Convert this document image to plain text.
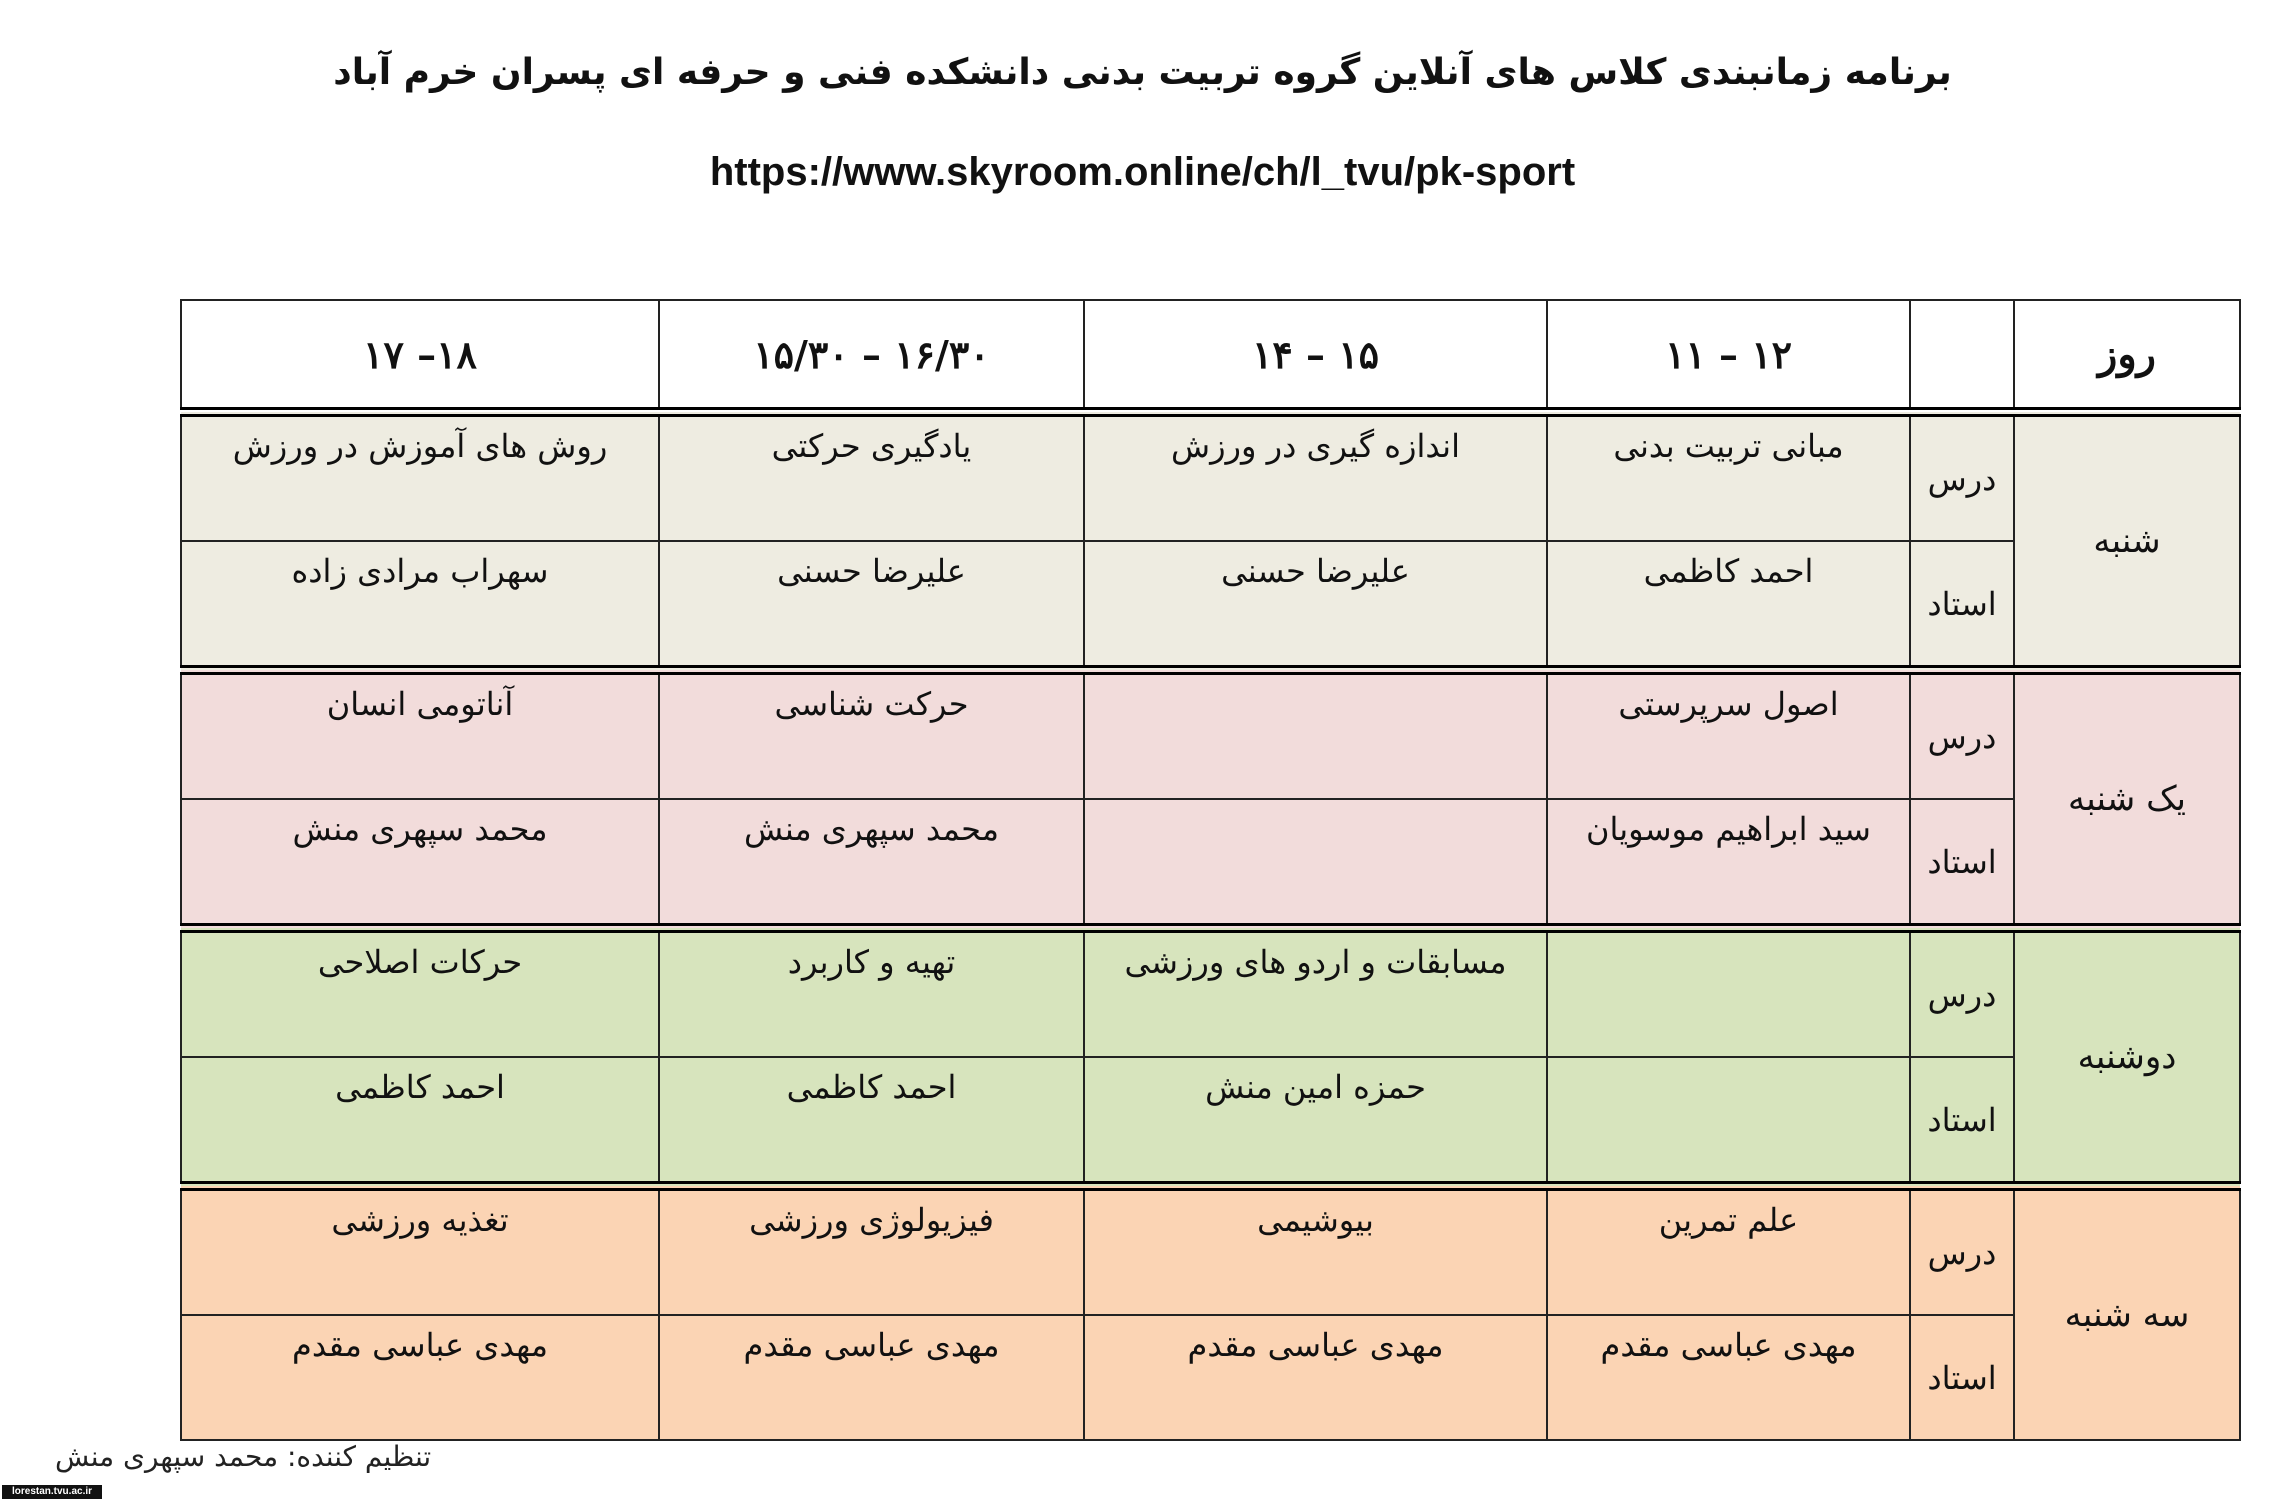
برنامه زمانبندی کلاس های آنلاین گروه تربیت بدنی دانشکده فنی و حرفه ای پسران خرم آباد
https://www.skyroom.online/ch/l_tvu/pk-sport
روز		۱۲ – ۱۱	۱۵ – ۱۴	۱۶/۳۰ – ۱۵/۳۰	۱۸– ۱۷
شنبه	درس	مبانی تربیت بدنی	اندازه گیری در ورزش	یادگیری حرکتی	روش های آموزش در ورزش
	استاد	احمد کاظمی	علیرضا حسنی	علیرضا حسنی	سهراب مرادی زاده
یک شنبه	درس	اصول سرپرستی		حرکت شناسی	آناتومی انسان
	استاد	سید ابراهیم موسویان		محمد سپهری منش	محمد سپهری منش
دوشنبه	درس		مسابقات و اردو های ورزشی	تهیه و کاربرد	حرکات اصلاحی
	استاد		حمزه امین منش	احمد کاظمی	احمد کاظمی
سه شنبه	درس	علم تمرین	بیوشیمی	فیزیولوژی ورزشی	تغذیه ورزشی
	استاد	مهدی عباسی مقدم	مهدی عباسی مقدم	مهدی عباسی مقدم	مهدی عباسی مقدم
تنظیم کننده: محمد سپهری منش
lorestan.tvu.ac.ir
